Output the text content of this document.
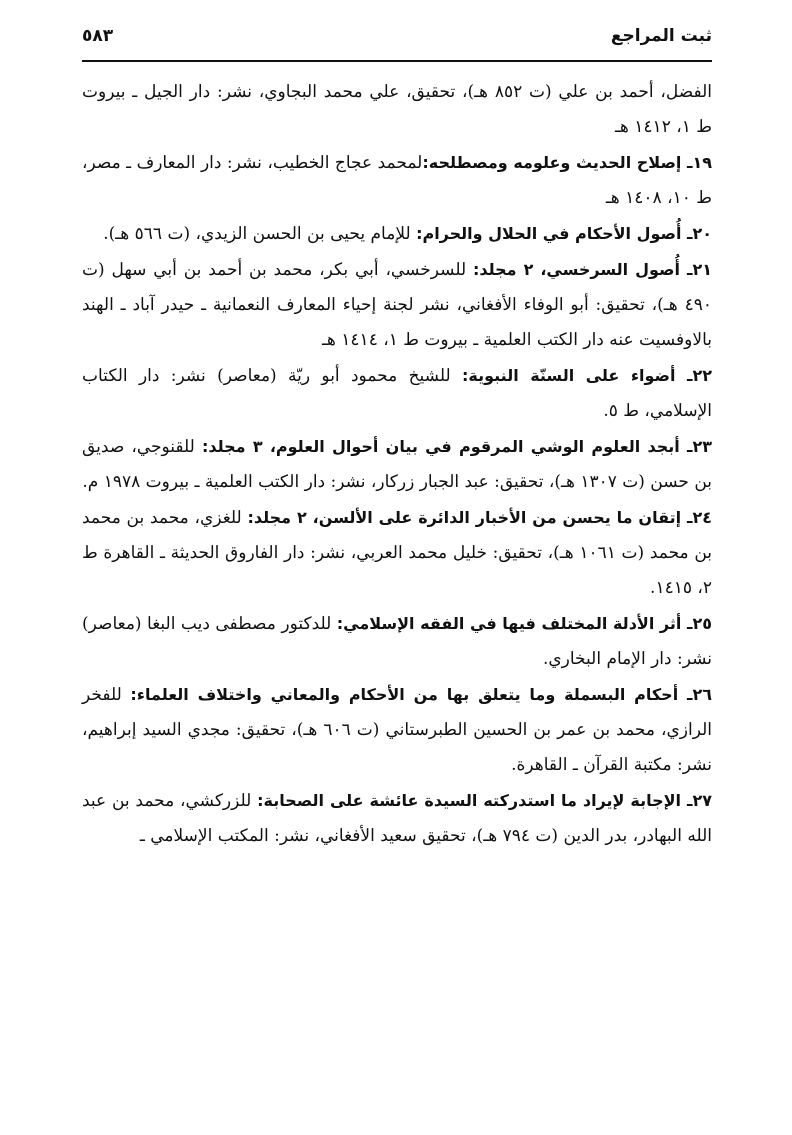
ثبت المراجع
٥٨٣

الفضل، أحمد بن علي (ت ٨٥٢ هـ)، تحقيق، علي محمد البجاوي، نشر: دار الجيل ـ بيروت ط ١، ١٤١٢ هـ

١٩ـ إصلاح الحديث وعلومه ومصطلحه:لمحمد عجاج الخطيب، نشر: دار المعارف ـ مصر، ط ١٠، ١٤٠٨ هـ

٢٠ـ أُصول الأحكام في الحلال والحرام: للإمام يحيى بن الحسن الزيدي، (ت ٥٦٦ هـ).

٢١ـ أُصول السرخسي، ٢ مجلد: للسرخسي، أبي بكر، محمد بن أحمد بن أبي سهل (ت ٤٩٠ هـ)، تحقيق: أبو الوفاء الأفغاني، نشر لجنة إحياء المعارف النعمانية ـ حيدر آباد ـ الهند بالاوفسيت عنه دار الكتب العلمية ـ بيروت ط ١، ١٤١٤ هـ

٢٢ـ أضواء على السنّة النبوية: للشيخ محمود أبو ريّة (معاصر) نشر: دار الكتاب الإسلامي، ط ٥.

٢٣ـ أبجد العلوم الوشي المرقوم في بيان أحوال العلوم، ٣ مجلد: للقنوجي، صديق بن حسن (ت ١٣٠٧ هـ)، تحقيق: عبد الجبار زركار، نشر: دار الكتب العلمية ـ بيروت ١٩٧٨ م.

٢٤ـ إتقان ما يحسن من الأخبار الدائرة على الألسن، ٢ مجلد: للغزي، محمد بن محمد بن محمد (ت ١٠٦١ هـ)، تحقيق: خليل محمد العربي، نشر: دار الفاروق الحديثة ـ القاهرة ط ٢، ١٤١٥.

٢٥ـ أثر الأدلة المختلف فيها في الفقه الإسلامي: للدكتور مصطفى ديب البغا (معاصر) نشر: دار الإمام البخاري.

٢٦ـ أحكام البسملة وما يتعلق بها من الأحكام والمعاني واختلاف العلماء: للفخر الرازي، محمد بن عمر بن الحسين الطبرستاني (ت ٦٠٦ هـ)، تحقيق: مجدي السيد إبراهيم، نشر: مكتبة القرآن ـ القاهرة.

٢٧ـ الإجابة لإيراد ما استدركته السيدة عائشة على الصحابة: للزركشي، محمد بن عبد الله البهادر، بدر الدين (ت ٧٩٤ هـ)، تحقيق سعيد الأفغاني، نشر: المكتب الإسلامي ـ
